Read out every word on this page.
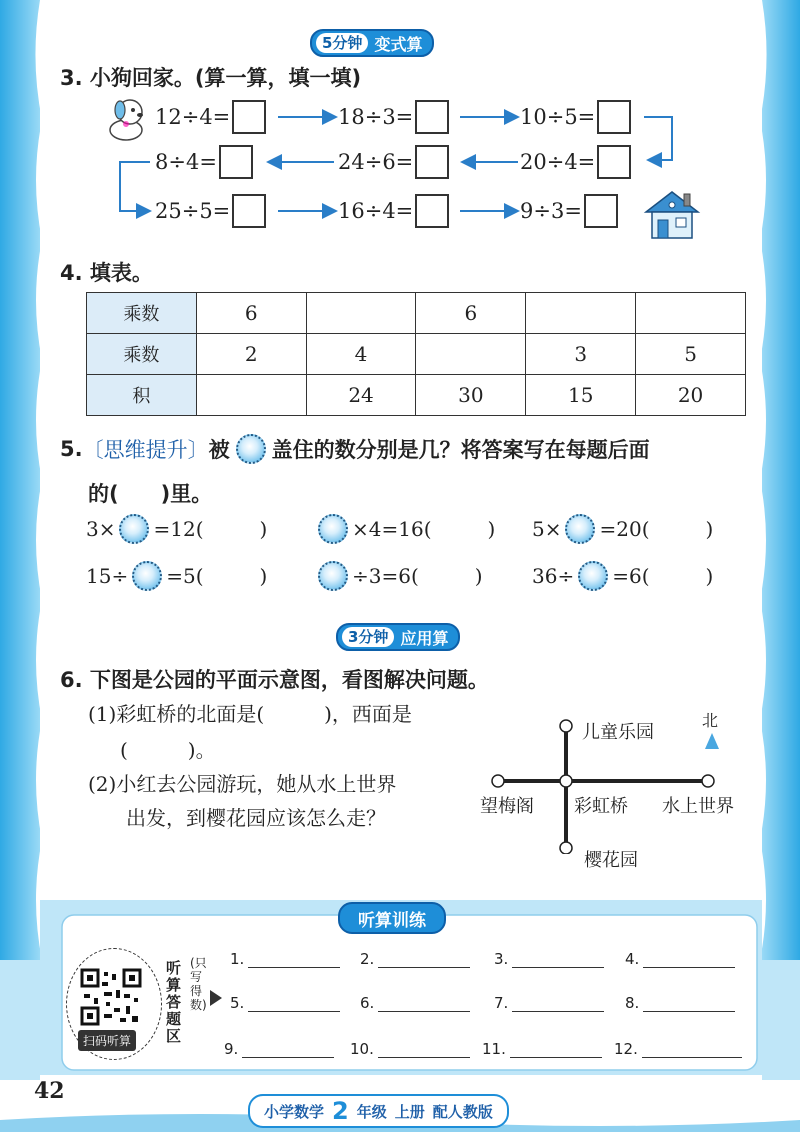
5分钟 变式算
3. 小狗回家。(算一算，填一填)
12÷4=	18÷3=	10÷5=
20÷4=
24÷6=
8÷4=
25÷5=	16÷4=	9÷3=
4. 填表。
乘数	6		6		
乘数	2	4		3	5
积		24	30	15	20
5. 〔思维提升〕 被 盖住的数分别是几？将答案写在每题后面
的(　　)里。
3× =12(	)	×4=16(	) 5× =20(	)
15÷ =5(	)	÷3=6(	) 36÷ =6(	)
3分钟 应用算
6. 下图是公园的平面示意图，看图解决问题。
(1)彩虹桥的北面是(　　　)，西面是
(　　　)。
(2)小红去公园游玩，她从水上世界
出发，到樱花园应该怎么走？
北
儿童乐园
望梅阁 彩虹桥 水上世界
樱花园
听算训练
扫码听算
听算答题区
(只写得数)
1.	2.	3.	4.
5.	6.	7.	8.
9.	10.	11.	12.
42
小学数学 2 年级 上册 配人教版
